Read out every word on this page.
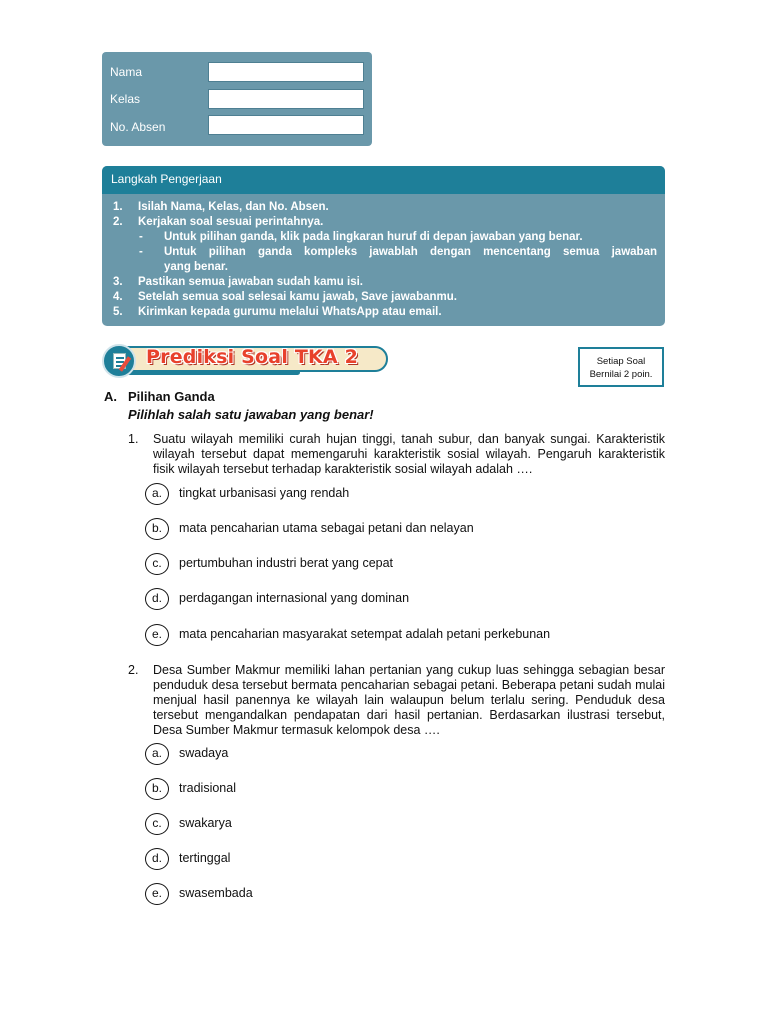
Nama
Kelas
No. Absen
Langkah Pengerjaan
1. Isilah Nama, Kelas, dan No. Absen.
2. Kerjakan soal sesuai perintahnya.
- Untuk pilihan ganda, klik pada lingkaran huruf di depan jawaban yang benar.
- Untuk pilihan ganda kompleks jawablah dengan mencentang semua jawaban
yang benar.
3. Pastikan semua jawaban sudah kamu isi.
4. Setelah semua soal selesai kamu jawab, Save jawabanmu.
5. Kirimkan kepada gurumu melalui WhatsApp atau email.
Prediksi Soal TKA 2	Setiap Soal
Bernilai 2 poin.
A. Pilihan Ganda
Pilihlah salah satu jawaban yang benar!
1. Suatu wilayah memiliki curah hujan tinggi, tanah subur, dan banyak sungai. Karakteristik
wilayah tersebut dapat memengaruhi karakteristik sosial wilayah. Pengaruh karakteristik
fisik wilayah tersebut terhadap karakteristik sosial wilayah adalah ….
a.	tingkat urbanisasi yang rendah
b.	mata pencaharian utama sebagai petani dan nelayan
c.	pertumbuhan industri berat yang cepat
d.	perdagangan internasional yang dominan
e.	mata pencaharian masyarakat setempat adalah petani perkebunan
2. Desa Sumber Makmur memiliki lahan pertanian yang cukup luas sehingga sebagian besar
penduduk desa tersebut bermata pencaharian sebagai petani. Beberapa petani sudah mulai
menjual hasil panennya ke wilayah lain walaupun belum terlalu sering. Penduduk desa
tersebut mengandalkan pendapatan dari hasil pertanian. Berdasarkan ilustrasi tersebut,
Desa Sumber Makmur termasuk kelompok desa ….
a.	swadaya
b.	tradisional
c.	swakarya
d.	tertinggal
e.	swasembada
